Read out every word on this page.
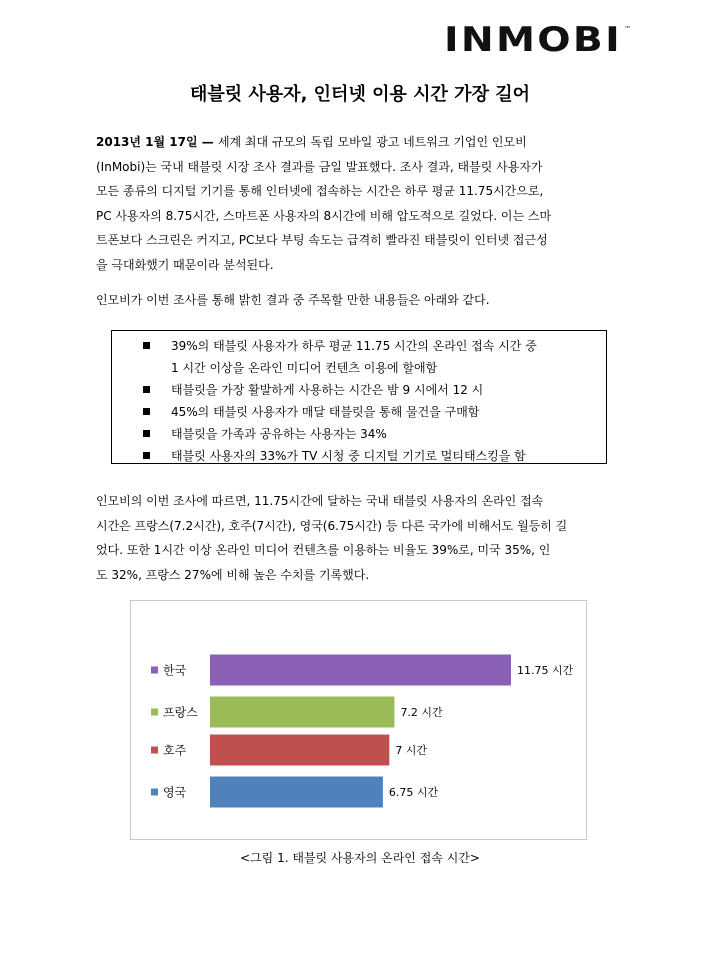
INMOBI ™
태블릿 사용자, 인터넷 이용 시간 가장 길어
2013년 1월 17일 — 세계 최대 규모의 독립 모바일 광고 네트워크 기업인 인모비
(InMobi)는 국내 태블릿 시장 조사 결과를 금일 발표했다. 조사 결과, 태블릿 사용자가
모든 종류의 디지털 기기를 통해 인터넷에 접속하는 시간은 하루 평균 11.75시간으로,
PC 사용자의 8.75시간, 스마트폰 사용자의 8시간에 비해 압도적으로 길었다. 이는 스마
트폰보다 스크린은 커지고, PC보다 부팅 속도는 급격히 빨라진 태블릿이 인터넷 접근성
을 극대화했기 때문이라 분석된다.
인모비가 이번 조사를 통해 밝힌 결과 중 주목할 만한 내용들은 아래와 같다.
39%의 태블릿 사용자가 하루 평균 11.75 시간의 온라인 접속 시간 중
1 시간 이상을 온라인 미디어 컨텐츠 이용에 할애함
태블릿을 가장 활발하게 사용하는 시간은 밤 9 시에서 12 시
45%의 태블릿 사용자가 매달 태블릿을 통해 물건을 구매함
태블릿을 가족과 공유하는 사용자는 34%
태블릿 사용자의 33%가 TV 시청 중 디지털 기기로 멀티태스킹을 함
인모비의 이번 조사에 따르면, 11.75시간에 달하는 국내 태블릿 사용자의 온라인 접속
시간은 프랑스(7.2시간), 호주(7시간), 영국(6.75시간) 등 다른 국가에 비해서도 월등히 길
었다. 또한 1시간 이상 온라인 미디어 컨텐츠를 이용하는 비율도 39%로, 미국 35%, 인
도 32%, 프랑스 27%에 비해 높은 수치를 기록했다.
한국	11.75 시간
프랑스	7.2 시간
호주	7 시간
영국	6.75 시간
<그림 1. 태블릿 사용자의 온라인 접속 시간>
